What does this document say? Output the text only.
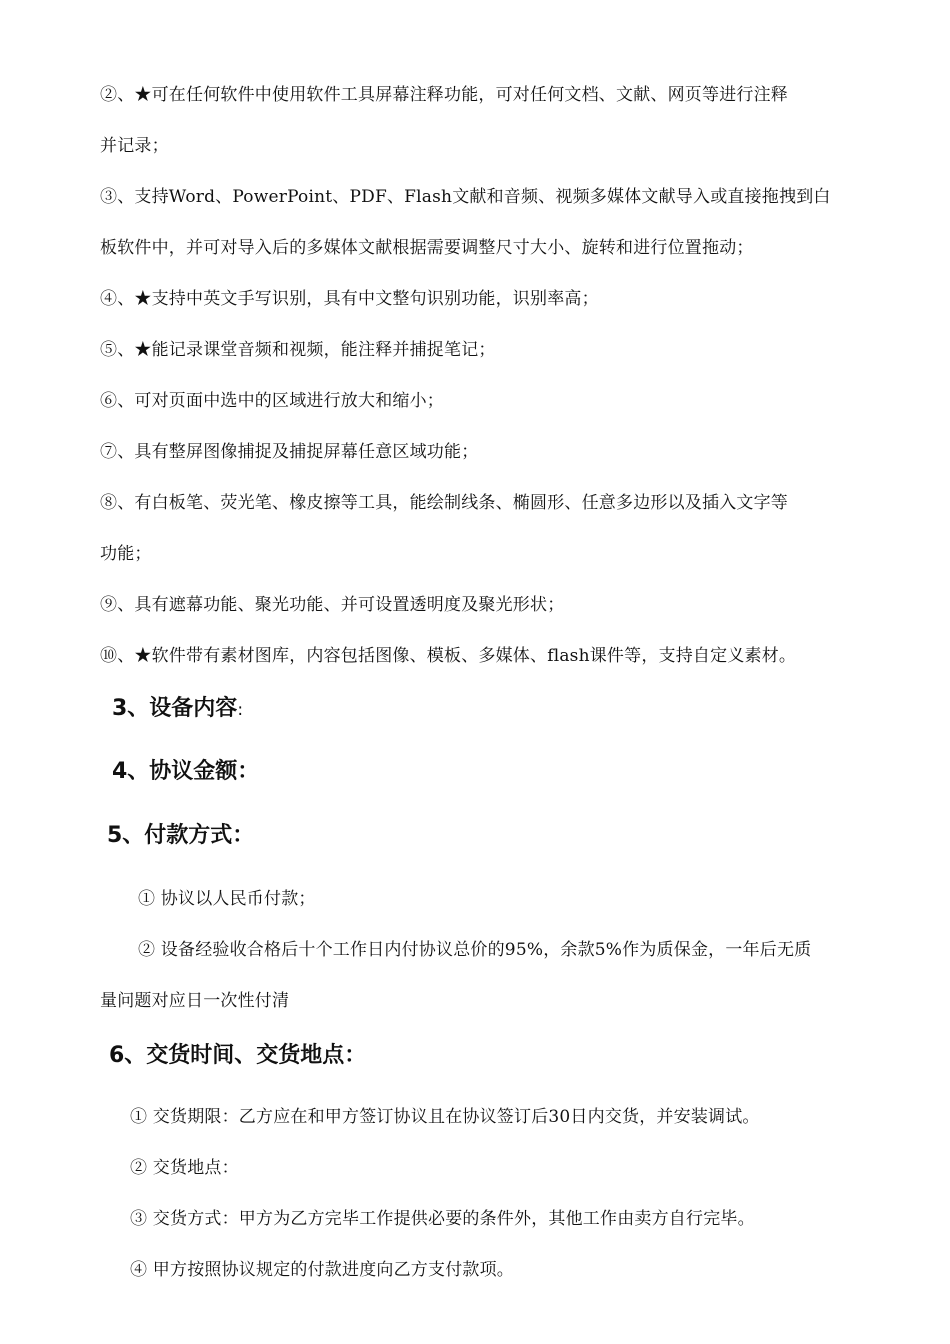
②、★可在任何软件中使用软件工具屏幕注释功能，可对任何文档、文献、网页等进行注释
并记录；
③、支持Word、PowerPoint、PDF、Flash文献和音频、视频多媒体文献导入或直接拖拽到白
板软件中，并可对导入后的多媒体文献根据需要调整尺寸大小、旋转和进行位置拖动；
④、★支持中英文手写识别，具有中文整句识别功能，识别率高；
⑤、★能记录课堂音频和视频，能注释并捕捉笔记；
⑥、可对页面中选中的区域进行放大和缩小；
⑦、具有整屏图像捕捉及捕捉屏幕任意区域功能；
⑧、有白板笔、荧光笔、橡皮擦等工具，能绘制线条、椭圆形、任意多边形以及插入文字等
功能；
⑨、具有遮幕功能、聚光功能、并可设置透明度及聚光形状；
⑩、★软件带有素材图库，内容包括图像、模板、多媒体、flash课件等，支持自定义素材。
3、设备内容:
4、协议金额：
5、付款方式：
① 协议以人民币付款；
② 设备经验收合格后十个工作日内付协议总价的95%，余款5%作为质保金，一年后无质
量问题对应日一次性付清
6、交货时间、交货地点：
① 交货期限：乙方应在和甲方签订协议且在协议签订后30日内交货，并安装调试。
② 交货地点：
③ 交货方式：甲方为乙方完毕工作提供必要的条件外，其他工作由卖方自行完毕。
④ 甲方按照协议规定的付款进度向乙方支付款项。
